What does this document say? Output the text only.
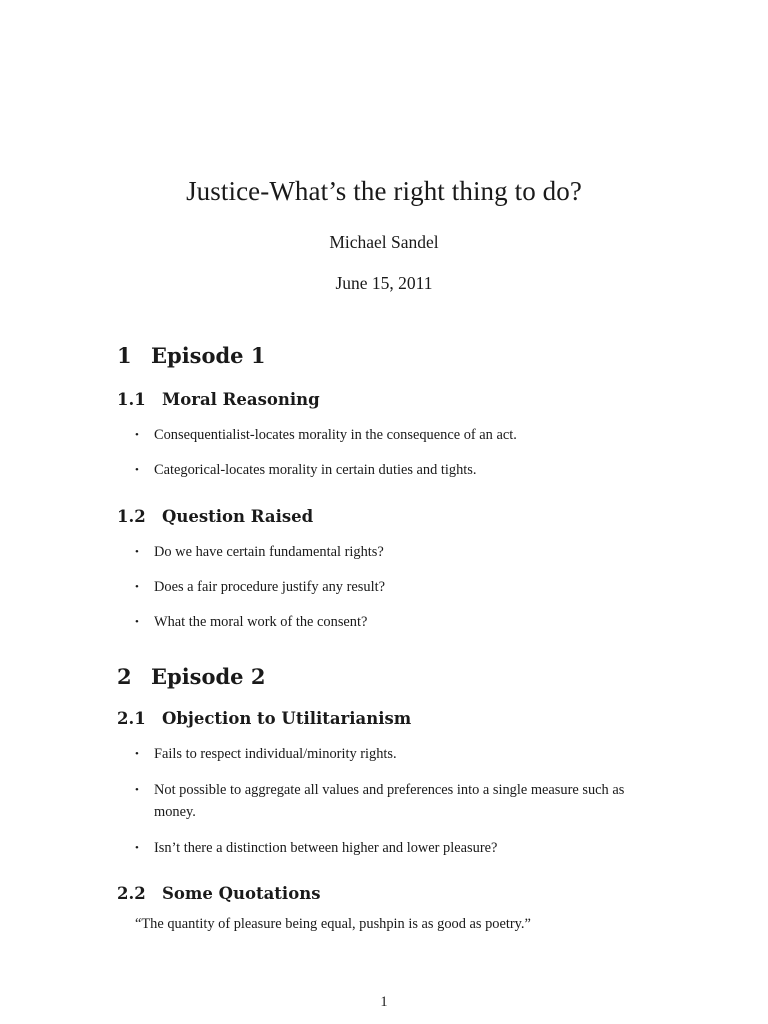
Justice-What’s the right thing to do?
Michael Sandel
June 15, 2011
1 Episode 1
1.1 Moral Reasoning
•	Consequentialist-locates morality in the consequence of an act.
•	Categorical-locates morality in certain duties and tights.
1.2 Question Raised
•	Do we have certain fundamental rights?
•	Does a fair procedure justify any result?
•	What the moral work of the consent?
2 Episode 2
2.1 Objection to Utilitarianism
•	Fails to respect individual/minority rights.
•	Not possible to aggregate all values and preferences into a single measure such as money.
•	Isn’t there a distinction between higher and lower pleasure?
2.2 Some Quotations
“The quantity of pleasure being equal, pushpin is as good as poetry.”
1
